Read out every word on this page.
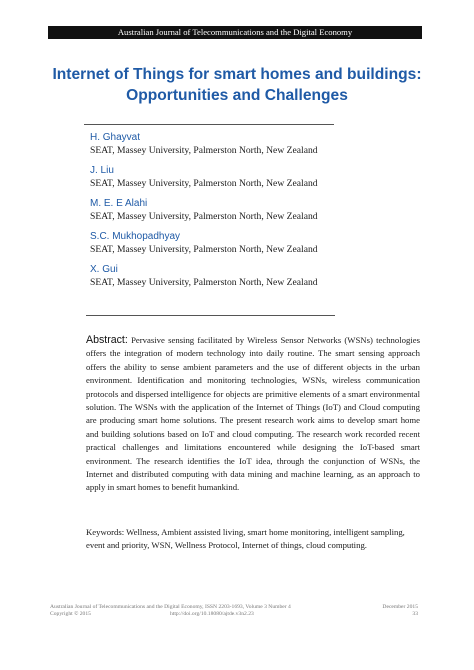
Australian Journal of Telecommunications and the Digital Economy
Internet of Things for smart homes and buildings:
Opportunities and Challenges
H. Ghayvat
SEAT, Massey University, Palmerston North, New Zealand
J. Liu
SEAT, Massey University, Palmerston North, New Zealand
M. E. E Alahi
SEAT, Massey University, Palmerston North, New Zealand
S.C. Mukhopadhyay
SEAT, Massey University, Palmerston North, New Zealand
X. Gui
SEAT, Massey University, Palmerston North, New Zealand
Abstract: Pervasive sensing facilitated by Wireless Sensor Networks (WSNs) technologies offers the integration of modern technology into daily routine. The smart sensing approach offers the ability to sense ambient parameters and the use of different objects in the urban environment. Identification and monitoring technologies, WSNs, wireless communication protocols and dispersed intelligence for objects are primitive elements of a smart environmental solution. The WSNs with the application of the Internet of Things (IoT) and Cloud computing are producing smart home solutions. The present research work aims to develop smart home and building solutions based on IoT and cloud computing. The research work recorded recent practical challenges and limitations encountered while designing the IoT-based smart environment. The research identifies the IoT idea, through the conjunction of WSNs, the Internet and distributed computing with data mining and machine learning, as an approach to apply in smart homes to benefit humankind.
Keywords: Wellness, Ambient assisted living, smart home monitoring, intelligent sampling, event and priority, WSN, Wellness Protocol, Internet of things, cloud computing.
Australian Journal of Telecommunications and the Digital Economy, ISSN 2203-1693, Volume 3 Number 4
Copyright © 2015
December 2015
33
http://doi.org/10.18080/ajtde.v3n2.23
